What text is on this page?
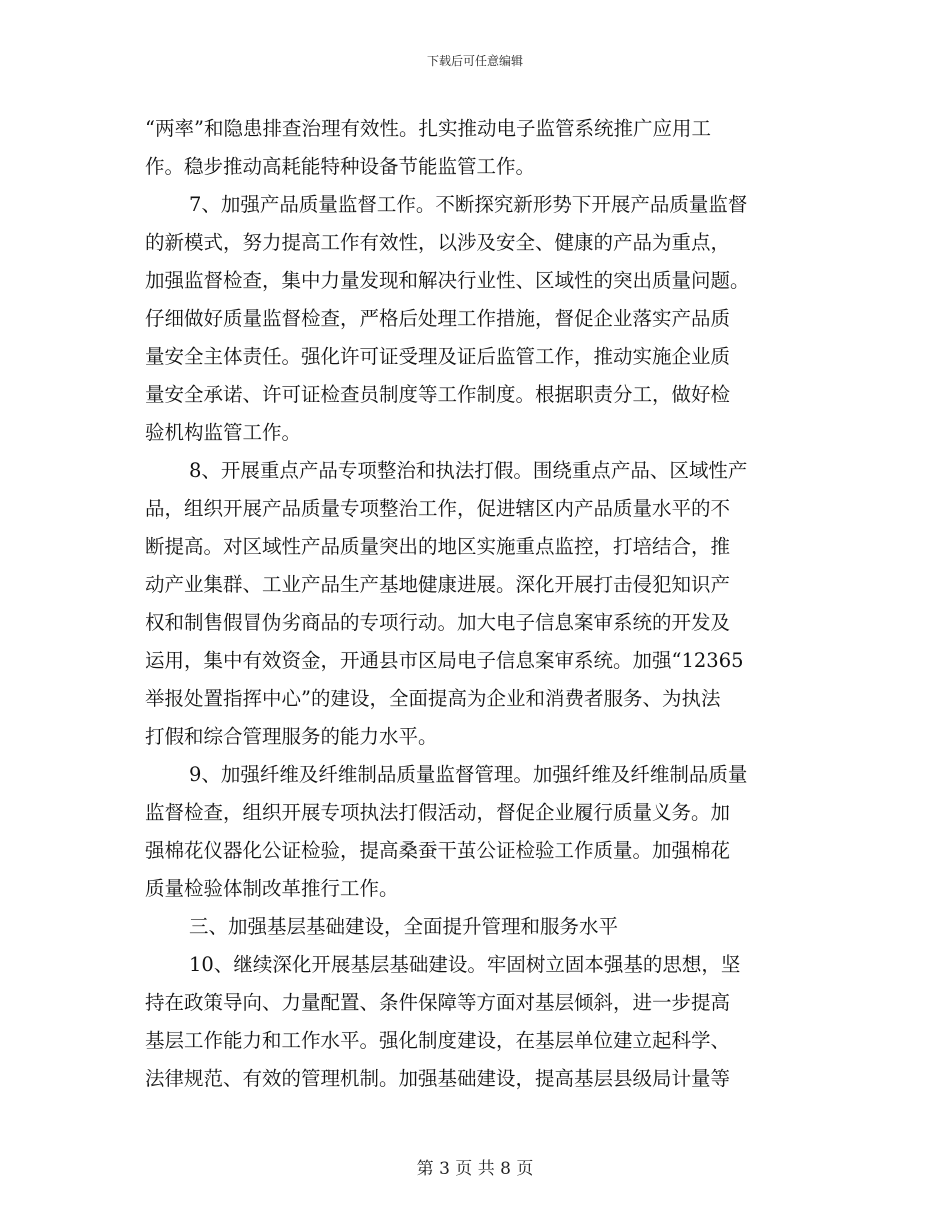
下载后可任意编辑
“两率”和隐患排查治理有效性。扎实推动电子监管系统推广应用工
作。稳步推动高耗能特种设备节能监管工作。
7、加强产品质量监督工作。不断探究新形势下开展产品质量监督
的新模式，努力提高工作有效性，以涉及安全、健康的产品为重点，
加强监督检查，集中力量发现和解决行业性、区域性的突出质量问题。
仔细做好质量监督检查，严格后处理工作措施，督促企业落实产品质
量安全主体责任。强化许可证受理及证后监管工作，推动实施企业质
量安全承诺、许可证检查员制度等工作制度。根据职责分工，做好检
验机构监管工作。
8、开展重点产品专项整治和执法打假。围绕重点产品、区域性产
品，组织开展产品质量专项整治工作，促进辖区内产品质量水平的不
断提高。对区域性产品质量突出的地区实施重点监控，打培结合，推
动产业集群、工业产品生产基地健康进展。深化开展打击侵犯知识产
权和制售假冒伪劣商品的专项行动。加大电子信息案审系统的开发及
运用，集中有效资金，开通县市区局电子信息案审系统。加强“12365
举报处置指挥中心”的建设，全面提高为企业和消费者服务、为执法
打假和综合管理服务的能力水平。
9、加强纤维及纤维制品质量监督管理。加强纤维及纤维制品质量
监督检查，组织开展专项执法打假活动，督促企业履行质量义务。加
强棉花仪器化公证检验，提高桑蚕干茧公证检验工作质量。加强棉花
质量检验体制改革推行工作。
三、加强基层基础建设，全面提升管理和服务水平
10、继续深化开展基层基础建设。牢固树立固本强基的思想，坚
持在政策导向、力量配置、条件保障等方面对基层倾斜，进一步提高
基层工作能力和工作水平。强化制度建设，在基层单位建立起科学、
法律规范、有效的管理机制。加强基础建设，提高基层县级局计量等
第 3 页 共 8 页
